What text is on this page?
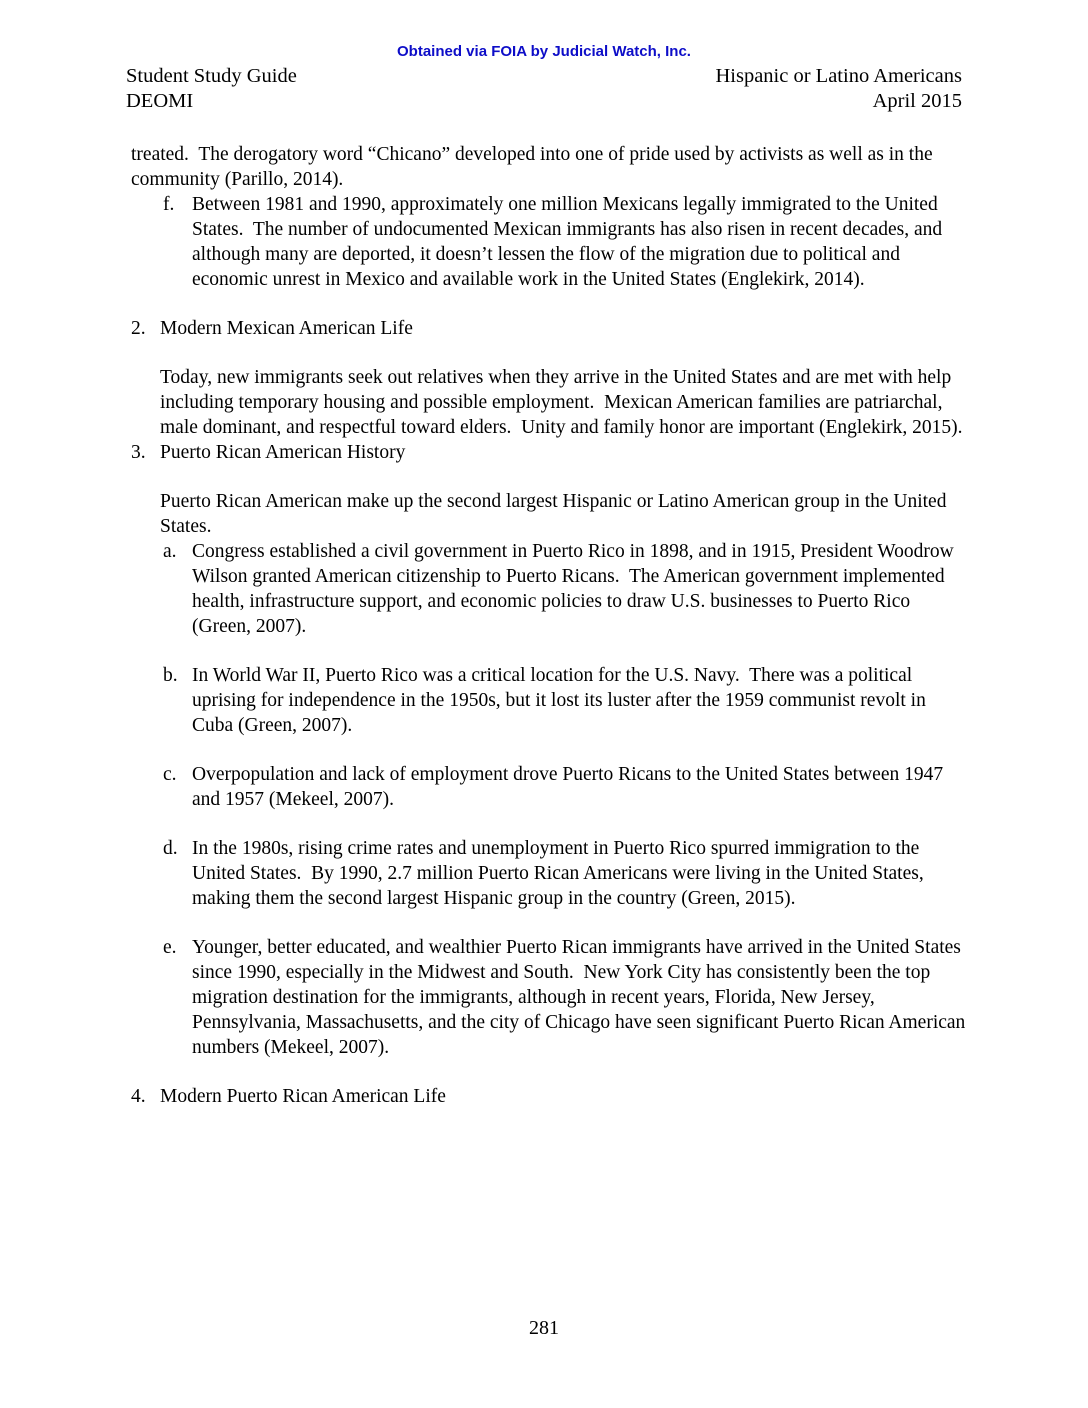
Obtained via FOIA by Judicial Watch, Inc.
Student Study Guide
DEOMI
Hispanic or Latino Americans
April 2015

treated.  The derogatory word “Chicano” developed into one of pride used by activists as well as in the community (Parillo, 2014).

f. Between 1981 and 1990, approximately one million Mexicans legally immigrated to the United States.  The number of undocumented Mexican immigrants has also risen in recent decades, and although many are deported, it doesn’t lessen the flow of the migration due to political and economic unrest in Mexico and available work in the United States (Englekirk, 2014).

2. Modern Mexican American Life

Today, new immigrants seek out relatives when they arrive in the United States and are met with help including temporary housing and possible employment.  Mexican American families are patriarchal, male dominant, and respectful toward elders.  Unity and family honor are important (Englekirk, 2015).

3. Puerto Rican American History

Puerto Rican American make up the second largest Hispanic or Latino American group in the United States.

a. Congress established a civil government in Puerto Rico in 1898, and in 1915, President Woodrow Wilson granted American citizenship to Puerto Ricans.  The American government implemented health, infrastructure support, and economic policies to draw U.S. businesses to Puerto Rico (Green, 2007).

b. In World War II, Puerto Rico was a critical location for the U.S. Navy.  There was a political uprising for independence in the 1950s, but it lost its luster after the 1959 communist revolt in Cuba (Green, 2007).

c. Overpopulation and lack of employment drove Puerto Ricans to the United States between 1947 and 1957 (Mekeel, 2007).

d. In the 1980s, rising crime rates and unemployment in Puerto Rico spurred immigration to the United States.  By 1990, 2.7 million Puerto Rican Americans were living in the United States, making them the second largest Hispanic group in the country (Green, 2015).

e. Younger, better educated, and wealthier Puerto Rican immigrants have arrived in the United States since 1990, especially in the Midwest and South.  New York City has consistently been the top migration destination for the immigrants, although in recent years, Florida, New Jersey, Pennsylvania, Massachusetts, and the city of Chicago have seen significant Puerto Rican American numbers (Mekeel, 2007).

4. Modern Puerto Rican American Life

281
